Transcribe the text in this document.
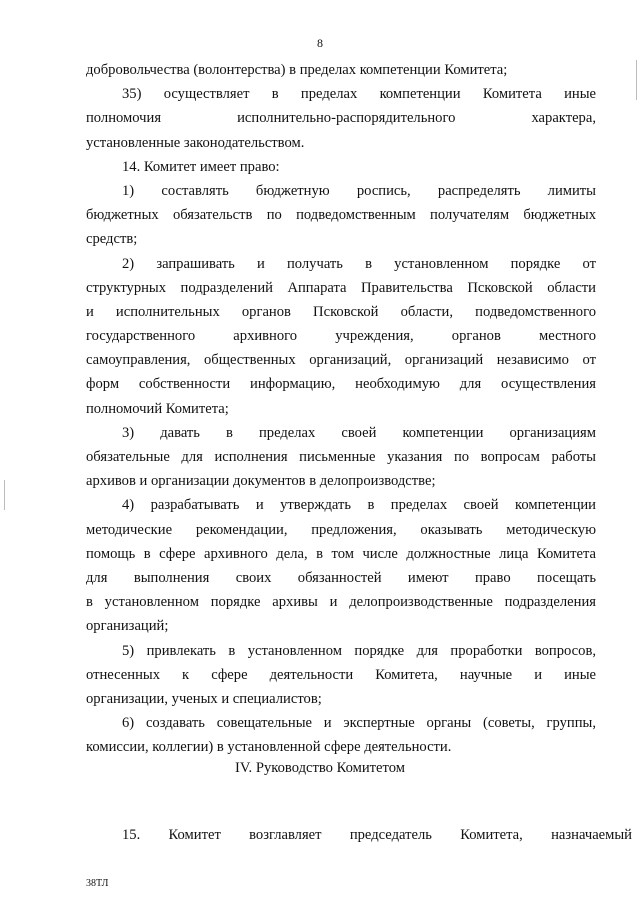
8
добровольчества (волонтерства) в пределах компетенции Комитета;
35) осуществляет в пределах компетенции Комитета иные
полномочия исполнительно-распорядительного характера,
установленные законодательством.
14. Комитет имеет право:
1) составлять бюджетную роспись, распределять лимиты
бюджетных обязательств по подведомственным получателям бюджетных
средств;
2) запрашивать и получать в установленном порядке от
структурных подразделений Аппарата Правительства Псковской области
и исполнительных органов Псковской области, подведомственного
государственного архивного учреждения, органов местного
самоуправления, общественных организаций, организаций независимо от
форм собственности информацию, необходимую для осуществления
полномочий Комитета;
3) давать в пределах своей компетенции организациям
обязательные для исполнения письменные указания по вопросам работы
архивов и организации документов в делопроизводстве;
4) разрабатывать и утверждать в пределах своей компетенции
методические рекомендации, предложения, оказывать методическую
помощь в сфере архивного дела, в том числе должностные лица Комитета
для выполнения своих обязанностей имеют право посещать
в установленном порядке архивы и делопроизводственные подразделения
организаций;
5) привлекать в установленном порядке для проработки вопросов,
отнесенных к сфере деятельности Комитета, научные и иные
организации, ученых и специалистов;
6) создавать совещательные и экспертные органы (советы, группы,
комиссии, коллегии) в установленной сфере деятельности.
IV. Руководство Комитетом
15. Комитет возглавляет председатель Комитета, назначаемый
38ТЛ
